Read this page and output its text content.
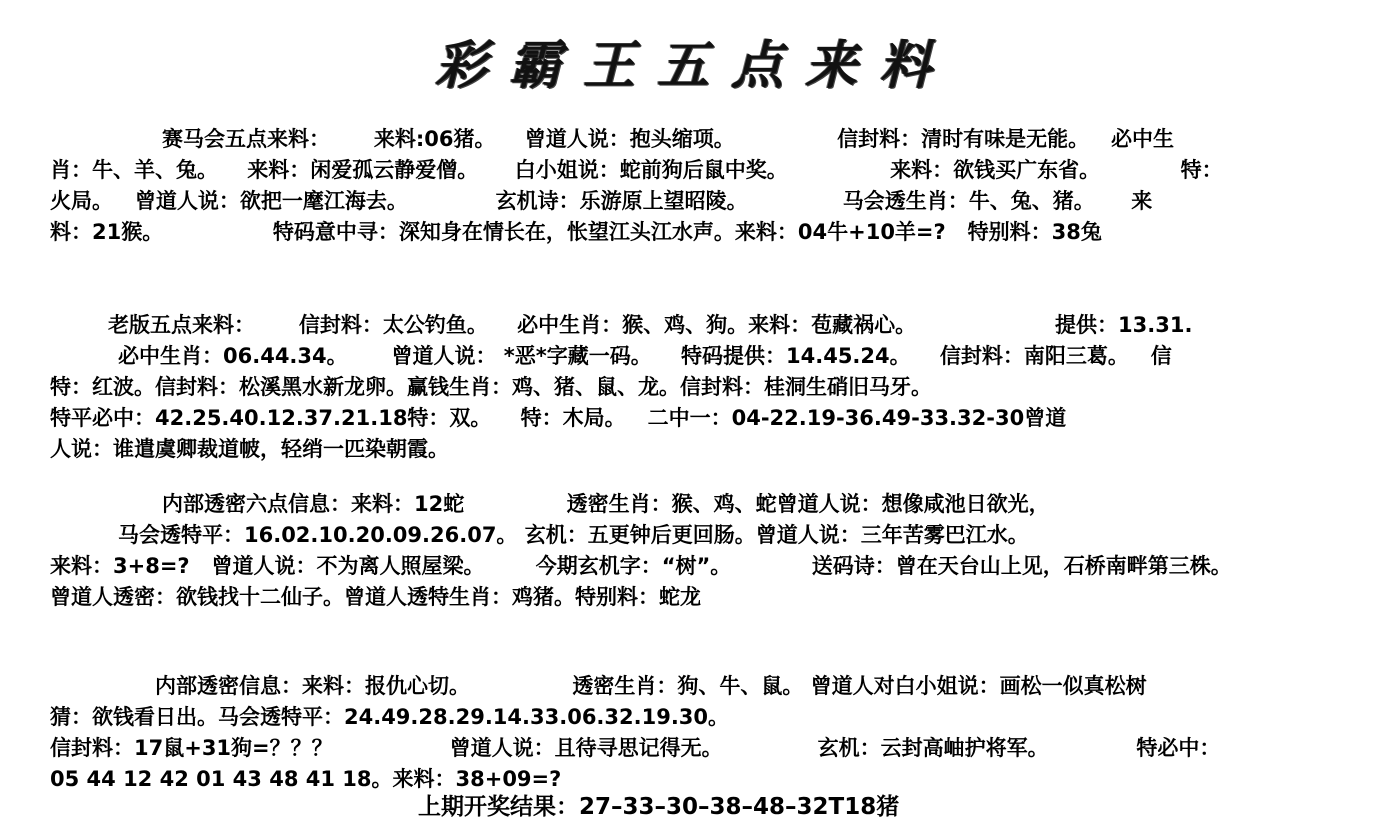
彩霸王五点来料
赛马会五点来料：      来料:06猪。    曾道人说：抱头缩项。              信封料：清时有味是无能。   必中生
肖：牛、羊、兔。    来料：闲爱孤云静爱僧。     白小姐说：蛇前狗后鼠中奖。              来料：欲钱买广东省。           特：
火局。   曾道人说：欲把一麾江海去。            玄机诗：乐游原上望昭陵。             马会透生肖：牛、兔、猪。     来
料：21猴。               特码意中寻：深知身在情长在，怅望江头江水声。来料：04牛+10羊=?   特别料：38兔
老版五点来料：      信封料：太公钓鱼。    必中生肖：猴、鸡、狗。来料：苞藏祸心。                   提供：13.31.
必中生肖：06.44.34。      曾道人说： *恶*字藏一码。    特码提供：14.45.24。    信封料：南阳三葛。   信
特：红波。信封料：松溪黑水新龙卵。赢钱生肖：鸡、猪、鼠、龙。信封料：桂洞生硝旧马牙。
特平必中：42.25.40.12.37.21.18特：双。    特：木局。   二中一：04-22.19-36.49-33.32-30曾道
人说：谁遣虞卿裁道帔，轻绡一匹染朝霞。
内部透密六点信息：来料：12蛇              透密生肖：猴、鸡、蛇曾道人说：想像咸池日欲光，
马会透特平：16.02.10.20.09.26.07。 玄机：五更钟后更回肠。曾道人说：三年苦雾巴江水。
来料：3+8=?   曾道人说：不为离人照屋梁。       今期玄机字：“树”。           送码诗：曾在天台山上见，石桥南畔第三株。
曾道人透密：欲钱找十二仙子。曾道人透特生肖：鸡猪。特别料：蛇龙
内部透密信息：来料：报仇心切。              透密生肖：狗、牛、鼠。 曾道人对白小姐说：画松一似真松树
猜：欲钱看日出。马会透特平：24.49.28.29.14.33.06.32.19.30。
信封料：17鼠+31狗=？？？                曾道人说：且待寻思记得无。             玄机：云封高岫护将军。            特必中：
05 44 12 42 01 43 48 41 18。来料：38+09=?
上期开奖结果：27–33–30–38–48–32T18猪
